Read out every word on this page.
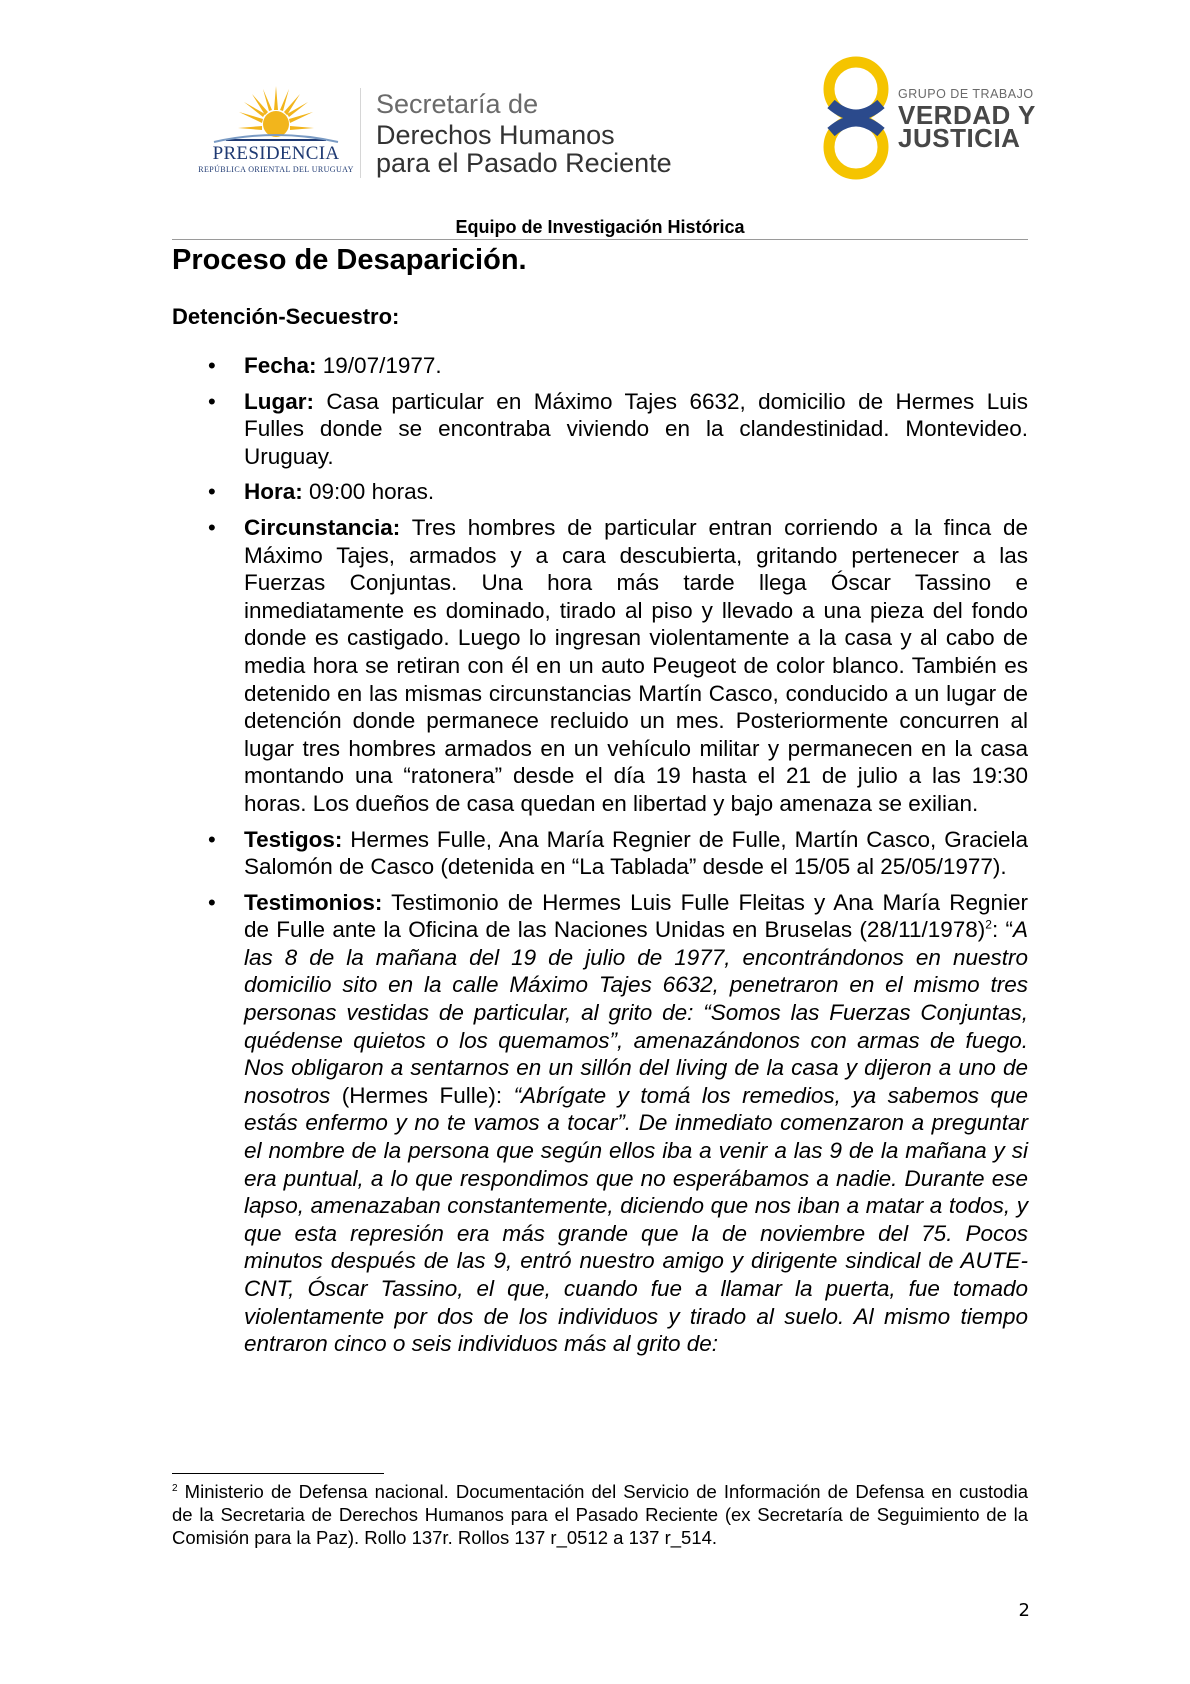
PRESIDENCIA
REPÚBLICA ORIENTAL DEL URUGUAY
Secretaría de
Derechos Humanos
para el Pasado Reciente
GRUPO DE TRABAJO
VERDAD Y
JUSTICIA
Equipo de Investigación Histórica
Proceso de Desaparición.
Detención-Secuestro:
• Fecha: 19/07/1977.
• Lugar: Casa particular en Máximo Tajes 6632, domicilio de Hermes Luis Fulles donde se encontraba viviendo en la clandestinidad. Montevideo. Uruguay.
• Hora: 09:00 horas.
• Circunstancia: Tres hombres de particular entran corriendo a la finca de Máximo Tajes, armados y a cara descubierta, gritando pertenecer a las Fuerzas Conjuntas. Una hora más tarde llega Óscar Tassino e inmediatamente es dominado, tirado al piso y llevado a una pieza del fondo donde es castigado. Luego lo ingresan violentamente a la casa y al cabo de media hora se retiran con él en un auto Peugeot de color blanco. También es detenido en las mismas circunstancias Martín Casco, conducido a un lugar de detención donde permanece recluido un mes. Posteriormente concurren al lugar tres hombres armados en un vehículo militar y permanecen en la casa montando una “ratonera” desde el día 19 hasta el 21 de julio a las 19:30 horas. Los dueños de casa quedan en libertad y bajo amenaza se exilian.
• Testigos: Hermes Fulle, Ana María Regnier de Fulle, Martín Casco, Graciela Salomón de Casco (detenida en “La Tablada” desde el 15/05 al 25/05/1977).
• Testimonios: Testimonio de Hermes Luis Fulle Fleitas y Ana María Regnier de Fulle ante la Oficina de las Naciones Unidas en Bruselas $(28/11/1978)^2$: “A las 8 de la mañana del 19 de julio de 1977, encontrándonos en nuestro domicilio sito en la calle Máximo Tajes 6632, penetraron en el mismo tres personas vestidas de particular, al grito de: “Somos las Fuerzas Conjuntas, quédense quietos o los quemamos”, amenazándonos con armas de fuego. Nos obligaron a sentarnos en un sillón del living de la casa y dijeron a uno de nosotros (Hermes Fulle): “Abrígate y tomá los remedios, ya sabemos que estás enfermo y no te vamos a tocar”. De inmediato comenzaron a preguntar el nombre de la persona que según ellos iba a venir a las 9 de la mañana y si era puntual, a lo que respondimos que no esperábamos a nadie. Durante ese lapso, amenazaban constantemente, diciendo que nos iban a matar a todos, y que esta represión era más grande que la de noviembre del 75. Pocos minutos después de las 9, entró nuestro amigo y dirigente sindical de AUTE-CNT, Óscar Tassino, el que, cuando fue a llamar la puerta, fue tomado violentamente por dos de los individuos y tirado al suelo. Al mismo tiempo entraron cinco o seis individuos más al grito de:
$^2$ Ministerio de Defensa nacional. Documentación del Servicio de Información de Defensa en custodia de la Secretaria de Derechos Humanos para el Pasado Reciente (ex Secretaría de Seguimiento de la Comisión para la Paz). Rollo 137r. Rollos 137 r_0512 a 137 r_514.
2
